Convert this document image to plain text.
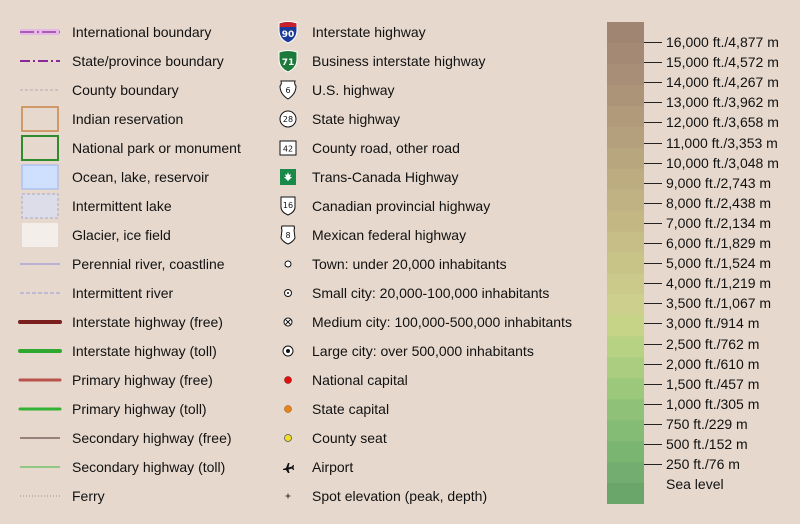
International boundary
State/province boundary
County boundary
Indian reservation
National park or monument
Ocean, lake, reservoir
Intermittent lake
Glacier, ice field
Perennial river, coastline
Intermittent river
Interstate highway (free)
Interstate highway (toll)
Primary highway (free)
Primary highway (toll)
Secondary highway (free)
Secondary highway (toll)
Ferry
90 Interstate highway
71 Business interstate highway
6 U.S. highway
28 State highway
42 County road, other road
Trans-Canada Highway
16 Canadian provincial highway
8 Mexican federal highway
Town: under 20,000 inhabitants
Small city: 20,000-100,000 inhabitants
Medium city: 100,000-500,000 inhabitants
Large city: over 500,000 inhabitants
National capital
State capital
County seat
Airport
Spot elevation (peak, depth)
16,000 ft./4,877 m
15,000 ft./4,572 m
14,000 ft./4,267 m
13,000 ft./3,962 m
12,000 ft./3,658 m
11,000 ft./3,353 m
10,000 ft./3,048 m
9,000 ft./2,743 m
8,000 ft./2,438 m
7,000 ft./2,134 m
6,000 ft./1,829 m
5,000 ft./1,524 m
4,000 ft./1,219 m
3,500 ft./1,067 m
3,000 ft./914 m
2,500 ft./762 m
2,000 ft./610 m
1,500 ft./457 m
1,000 ft./305 m
750 ft./229 m
500 ft./152 m
250 ft./76 m
Sea level
